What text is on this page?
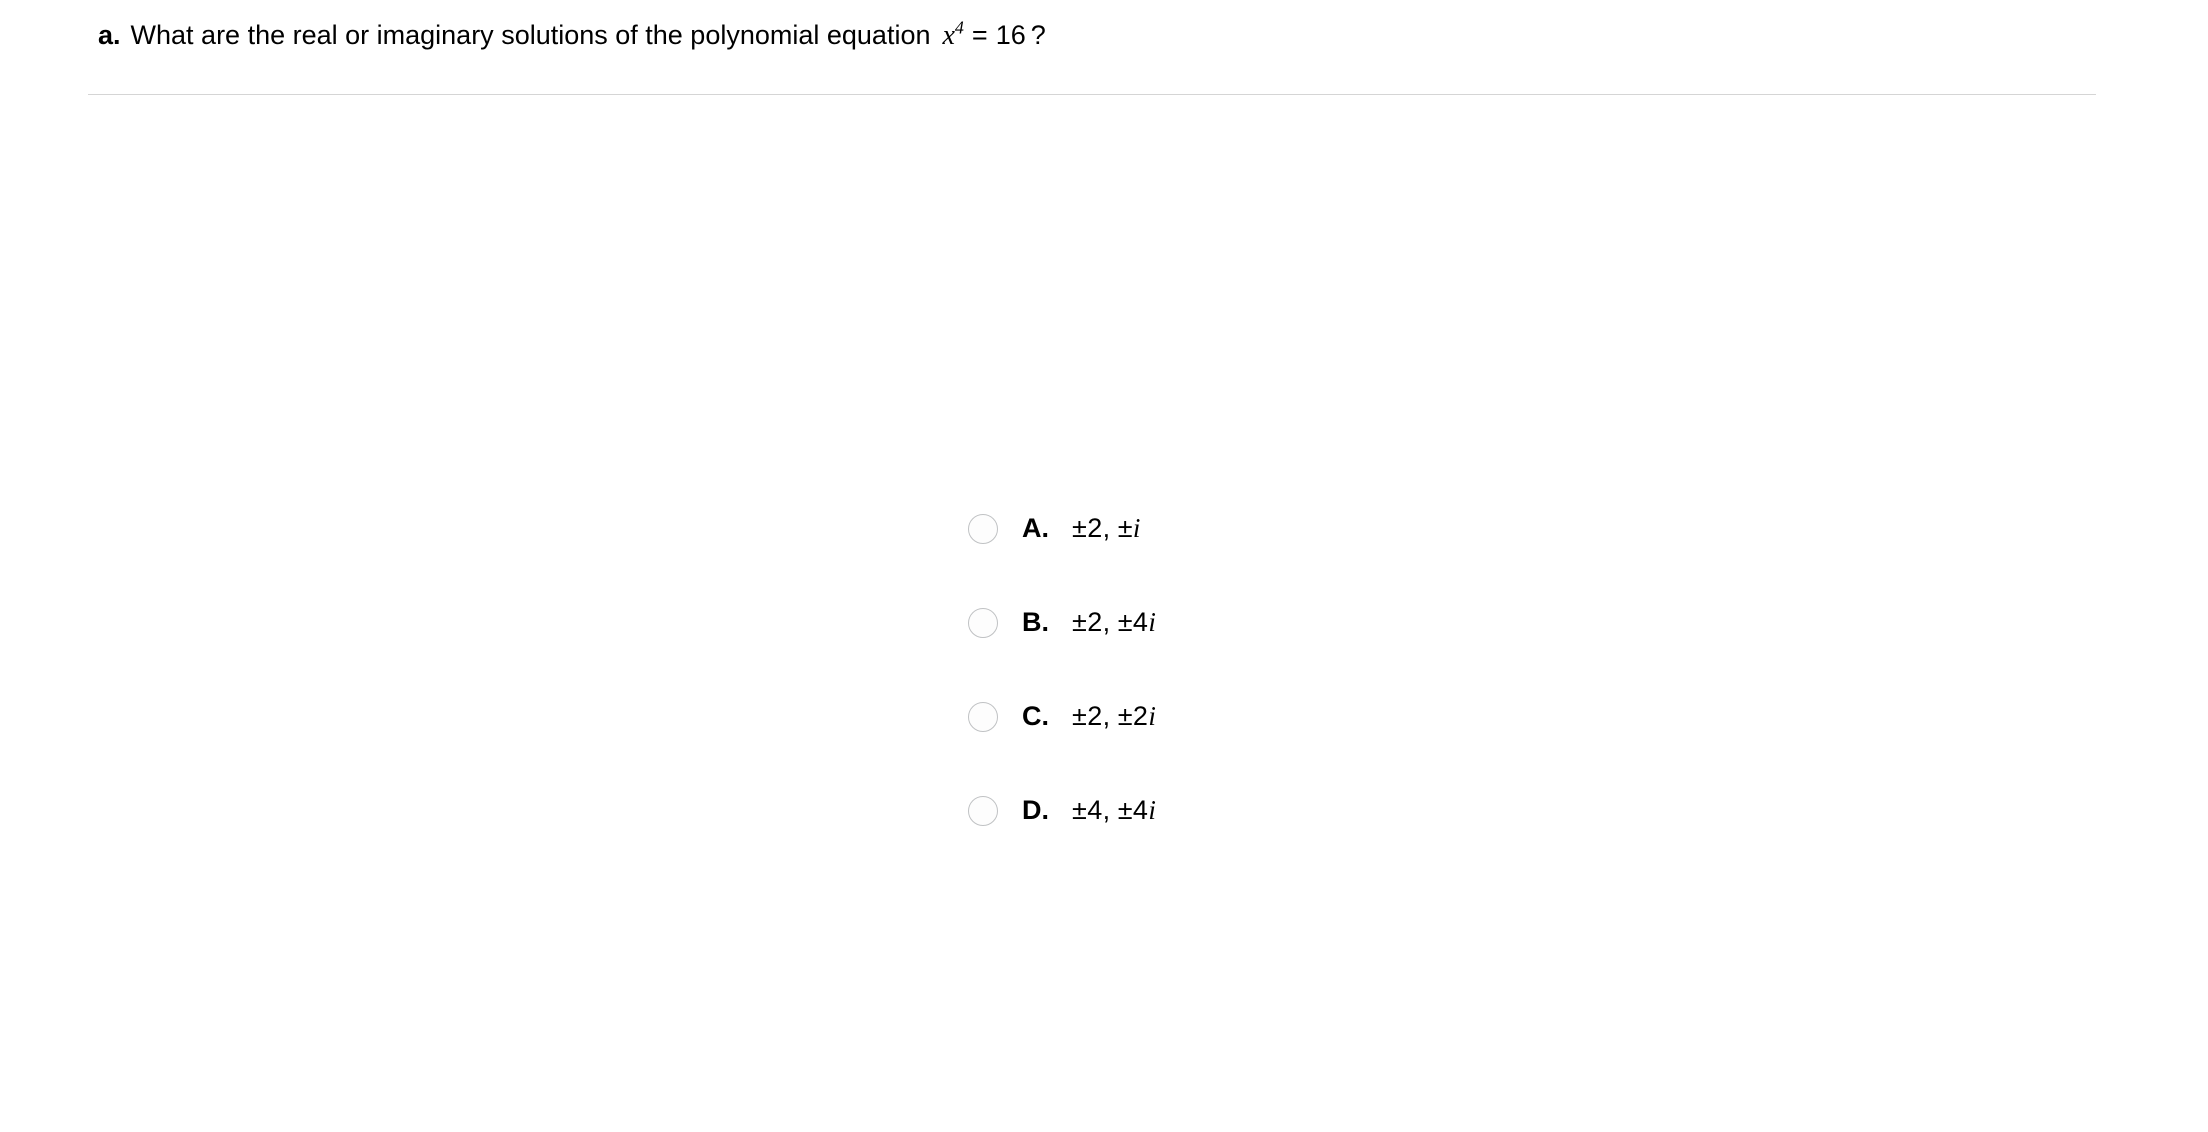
a. What are the real or imaginary solutions of the polynomial equation $x^4 = 16$ ?
A. ±2, ±i
B. ±2, ±4i
C. ±2, ±2i
D. ±4, ±4i
